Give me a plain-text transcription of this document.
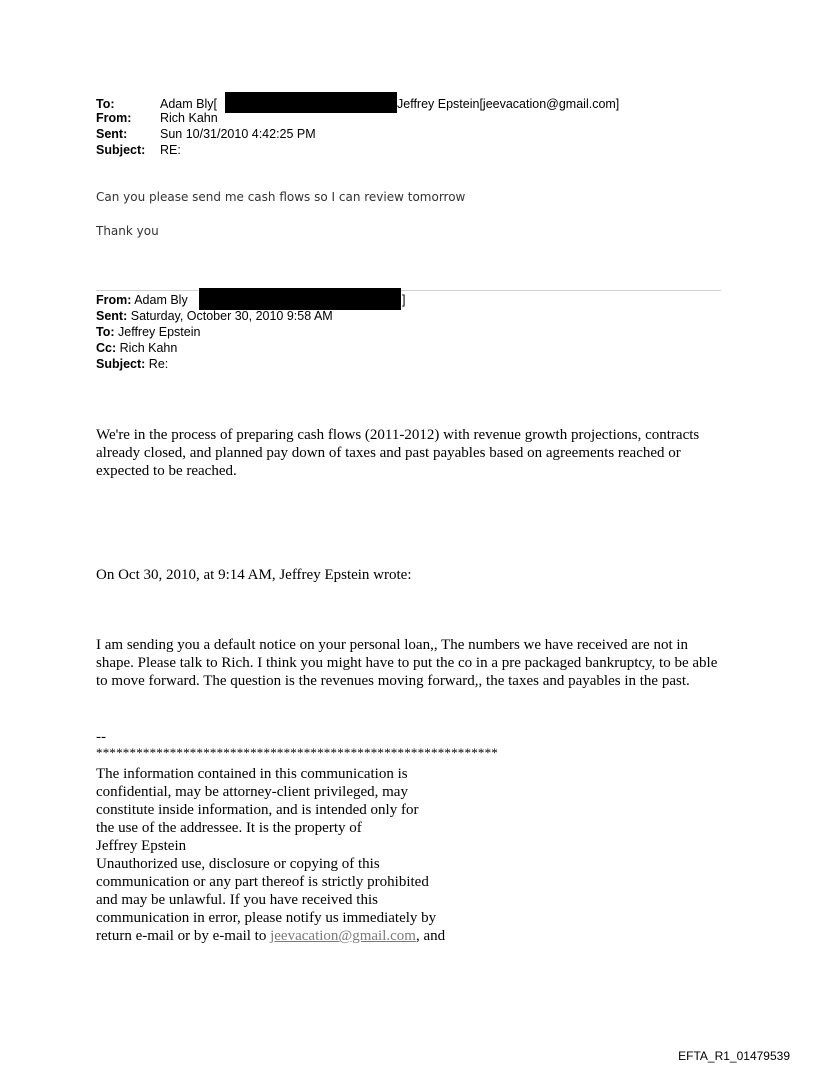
To:	Adam Bly[	Jeffrey Epstein[jeevacation@gmail.com]
From: Rich Kahn
Sent:	Sun 10/31/2010 4:42:25 PM
Subject: RE:
Can you please send me cash flows so I can review tomorrow
Thank you
From: Adam Bly	]
Sent: Saturday, October 30, 2010 9:58 AM
To: Jeffrey Epstein
Cc: Rich Kahn
Subject: Re:
We're in the process of preparing cash flows (2011-2012) with revenue growth projections, contracts already closed, and planned pay down of taxes and past payables based on agreements reached or expected to be reached.
On Oct 30, 2010, at 9:14 AM, Jeffrey Epstein wrote:
I am sending you a default notice on your personal loan,, The numbers we have received are not in shape. Please talk to Rich. I think you might have to put the co in a pre packaged bankruptcy, to be able to move forward. The question is the revenues moving forward,, the taxes and payables in the past.
--
************************************************************

The information contained in this communication is

confidential, may be attorney-client privileged, may

constitute inside information, and is intended only for

the use of the addressee. It is the property of

Jeffrey Epstein

Unauthorized use, disclosure or copying of this

communication or any part thereof is strictly prohibited

and may be unlawful. If you have received this

communication in error, please notify us immediately by

return e-mail or by e-mail to jeevacation@gmail.com, and

EFTA_R1_01479539
